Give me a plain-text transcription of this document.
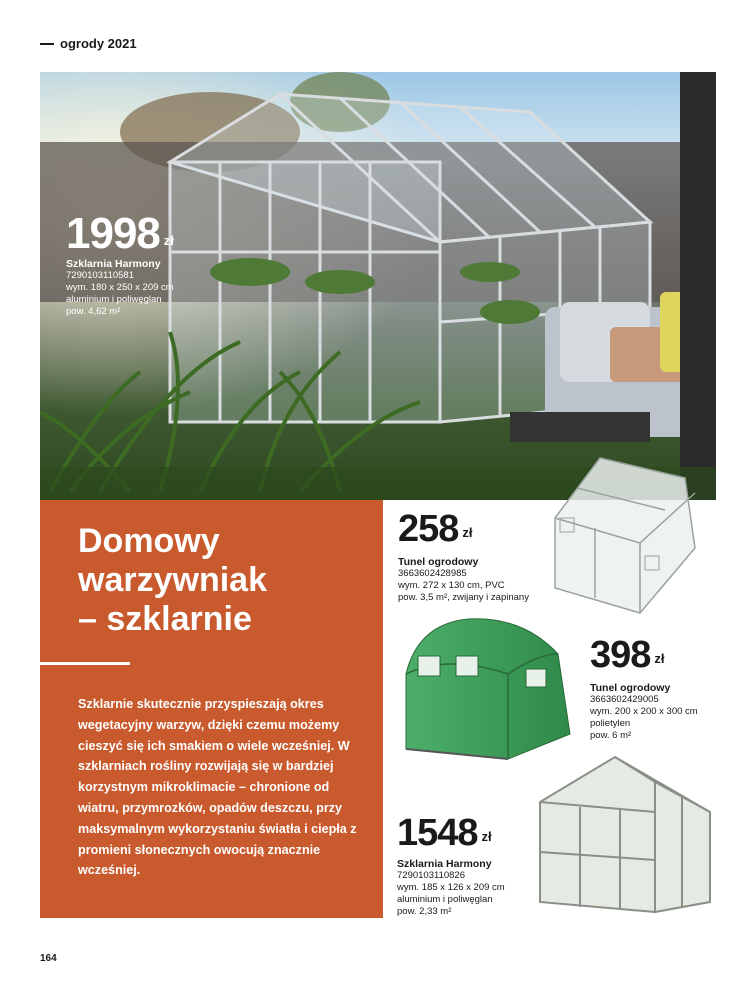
ogrody 2021
1998 zł
Szklarnia Harmony
7290103110581
wym. 180 x 250 x 209 cm
aluminium i poliwęglan
pow. 4,62 m²
Domowy
warzywniak
– szklarnie

Szklarnie skutecznie przyspieszają okres wegetacyjny warzyw, dzięki czemu możemy cieszyć się ich smakiem o wiele wcześniej. W szklarniach rośliny rozwijają się w bardziej korzystnym mikroklimacie – chronione od wiatru, przymrozków, opadów deszczu, przy maksymalnym wykorzystaniu światła i ciepła z promieni słonecznych owocują znacznie wcześniej.

258 zł
Tunel ogrodowy
3663602428985
wym. 272 x 130 cm, PVC
pow. 3,5 m², zwijany i zapinany
398 zł
Tunel ogrodowy
3663602429005
wym. 200 x 200 x 300 cm
polietylen
pow. 6 m²
1548 zł
Szklarnia Harmony
7290103110826
wym. 185 x 126 x 209 cm
aluminium i poliwęglan
pow. 2,33 m²
164
